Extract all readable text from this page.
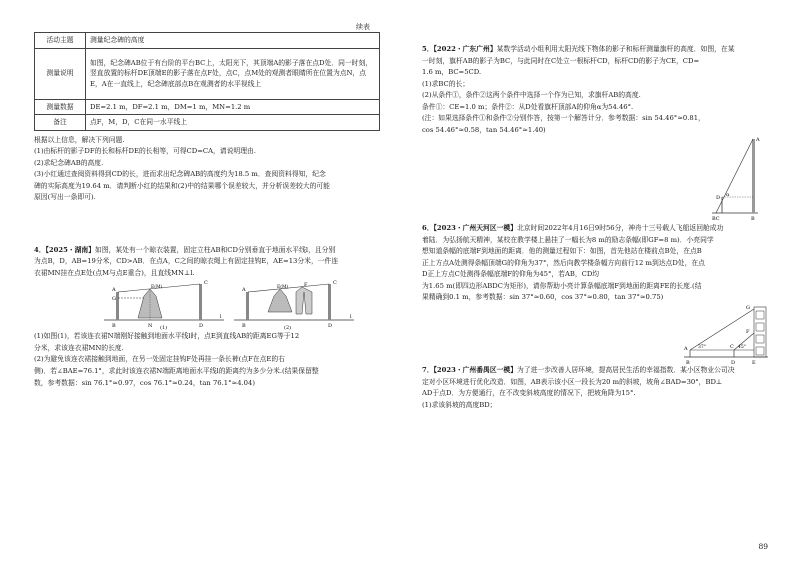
续表
活动主题	测量纪念碑的高度
测量说明	如图，纪念碑AB位于有台阶的平台BC上，太阳光下，其顶端A的影子落在点D处．同一时刻，竖直放置的标杆DE顶端E的影子落在点F处，点C，点M处的观测者眼睛所在位置为点N，点E，A在一直线上，纪念碑底部点B在观测者的水平视线上
测量数据	DE=2.1 m，DF=2.1 m，DM=1 m，MN=1.2 m
备注	点F，M，D，C在同一水平线上

根据以上信息，解决下列问题.

(1)由标杆的影子DF的长和标杆DE的长相等，可得CD=CA，请说明理由.

(2)求纪念碑AB的高度.

(3)小红通过查阅资料得到CD的长，进而求出纪念碑AB的高度约为18.5 m．查阅资料得知，纪念

碑的实际高度为19.64 m．请判断小红的结果和(2)中的结果哪个误差较大，并分析误差较大的可能

原因(写出一条即可).

4．【2025・湖南】如图，某处有一个晾衣装置，固定立柱AB和CD分别垂直于地面水平线l，且分别

为点B，D，AB=19分米，CD>AB．在点A，C之间的晾衣绳上有固定挂钩E，AE=13分米，一件连

衣裙MN挂在点E处(点M与点E重合)，且直线MN⊥l.

A
C
E(M)
G
B	N	D
l
(1)
A
C
E(M)	F
B	D
l
(2)

(1)如图(1)，若该连衣裙N端刚好接触到地面水平线l时，点E到直线AB的距离EG等于12

分米，求该连衣裙MN的长度.

(2)为避免该连衣裙接触到地面，在另一处固定挂钩F处再挂一条长裤(点F在点E的右

侧)．若∠BAE=76.1°，求此时该连衣裙N端距离地面水平线l的距离约为多少分米.(结果保留整

数，参考数据：sin 76.1°≈0.97，cos 76.1°≈0.24，tan 76.1°≈4.04)

5．【2022・广东广州】某数学活动小组利用太阳光线下物体的影子和标杆测量旗杆的高度．如图，在某

一时刻，旗杆AB的影子为BC，与此同时在C处立一根标杆CD，标杆CD的影子为CE，CD=

1.6 m，BC=5CD.

(1)求BC的长；

(2)从条件①，条件②这两个条件中选择一个作为已知，求旗杆AB的高度.

条件①：CE=1.0 m；条件②：从D处看旗杆顶部A的仰角α为54.46°.

(注：如果选择条件①和条件②分别作答，按第一个解答计分．参考数据：sin 54.46°≈0.81，

cos 54.46°≈0.58，tan 54.46°≈1.40)

A
D α
BC	B

6．【2023・广州天河区一模】北京时间2022年4月16日9时56分，神舟十三号载人飞船返回舱成功

着陆．为弘扬航天精神，某校在教学楼上悬挂了一幅长为8 m的励志条幅(即GF=8 m)．小亮同学

想知道条幅的底端F到地面的距离．他的测量过程如下：如图，首先他站在楼前点B处，在点B

正上方点A处测得条幅顶端G的仰角为37°，然后向教学楼条幅方向前行12 m到达点D处，在点

D正上方点C处测得条幅底端F的仰角为45°，若AB，CD均

为1.65 m(即四边形ABDC为矩形)，请你帮助小亮计算条幅底端F到地面的距离FE的长度.(结

果精确到0.1 m，参考数据：sin 37°≈0.60，cos 37°≈0.80，tan 37°≈0.75)

A 37°	C 45°
G
F
B	D	E

7．【2023・广州番禺区一模】为了进一步改善人居环境，提高居民生活的幸福指数．某小区物业公司决

定对小区环境进行优化改造．如图，AB表示该小区一段长为20 m的斜坡，坡角∠BAD=30°，BD⊥

AD于点D．为方便通行，在不改变斜坡高度的情况下，把坡角降为15°.

(1)求该斜坡的高度BD；

89
